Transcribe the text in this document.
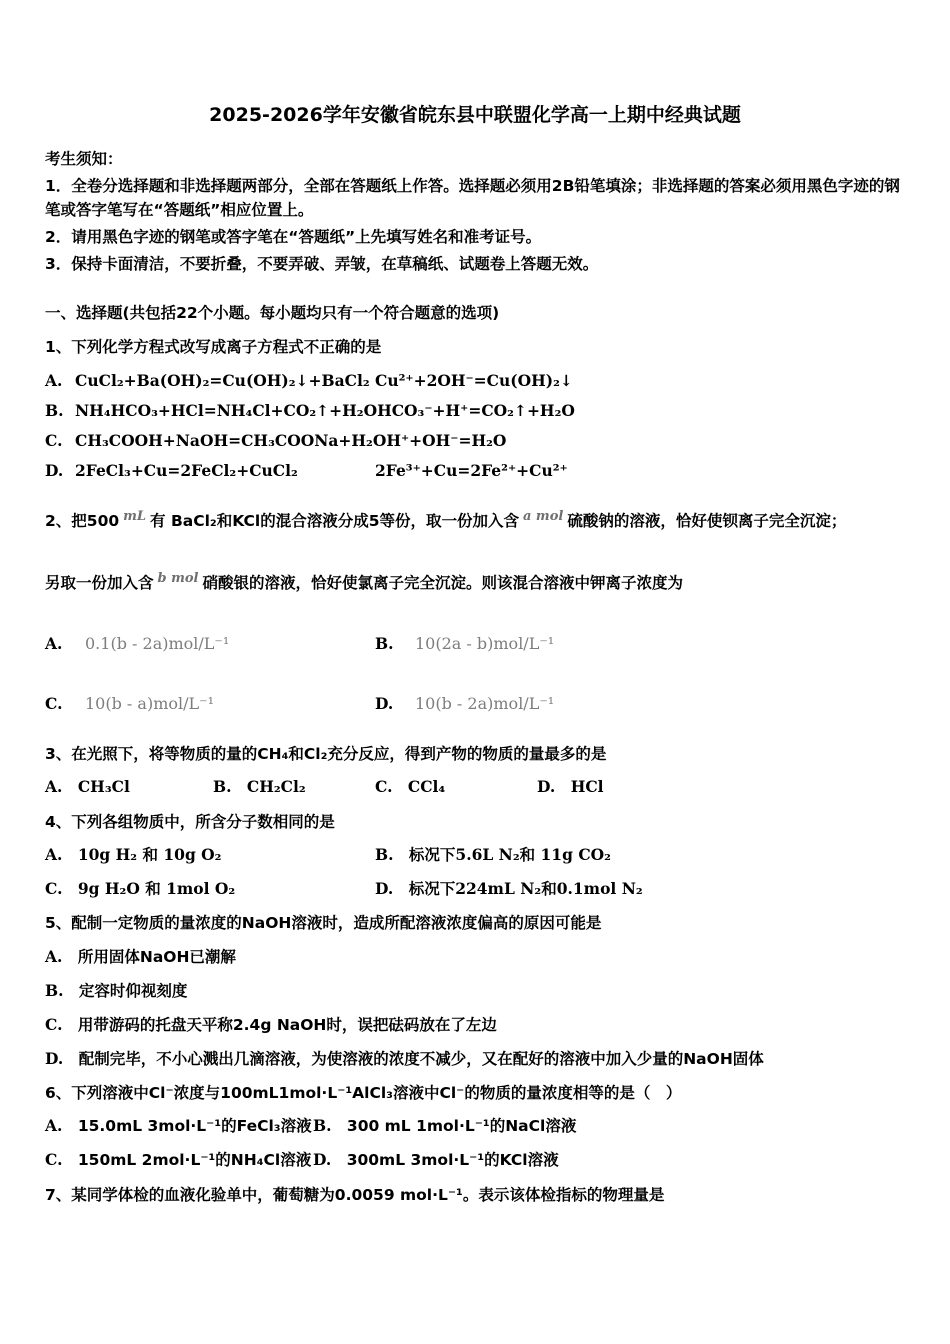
2025-2026学年安徽省皖东县中联盟化学高一上期中经典试题
考生须知：

1．全卷分选择题和非选择题两部分，全部在答题纸上作答。选择题必须用2B铅笔填涂；非选择题的答案必须用黑色字迹的钢笔或答字笔写在“答题纸”相应位置上。

2．请用黑色字迹的钢笔或答字笔在“答题纸”上先填写姓名和准考证号。

3．保持卡面清洁，不要折叠，不要弄破、弄皱，在草稿纸、试题卷上答题无效。

一、选择题(共包括22个小题。每小题均只有一个符合题意的选项)

1、下列化学方程式改写成离子方程式不正确的是

A. CuCl₂+Ba(OH)₂=Cu(OH)₂↓+BaCl₂ Cu²⁺+2OH⁻=Cu(OH)₂↓
B. NH₄HCO₃+HCl=NH₄Cl+CO₂↑+H₂O HCO₃⁻+H⁺=CO₂↑+H₂O
C. CH₃COOH+NaOH=CH₃COONa+H₂O H⁺+OH⁻=H₂O
D. 2FeCl₃+Cu=2FeCl₂+CuCl₂	2Fe³⁺+Cu=2Fe²⁺+Cu²⁺

2、把500 $^{mL}$ 有 BaCl₂和KCl的混合溶液分成5等份，取一份加入含 $^{a mol}$ 硫酸钠的溶液，恰好使钡离子完全沉淀；

另取一份加入含 $^{b mol}$ 硝酸银的溶液，恰好使氯离子完全沉淀。则该混合溶液中钾离子浓度为

A.	0.1(b - 2a)mol/L⁻¹	B.	10(2a - b)mol/L⁻¹
C.	10(b - a)mol/L⁻¹	D.	10(b - 2a)mol/L⁻¹

3、在光照下，将等物质的量的CH₄和Cl₂充分反应，得到产物的物质的量最多的是

A. CH₃Cl	B. CH₂Cl₂	C. CCl₄	D. HCl

4、下列各组物质中，所含分子数相同的是

A. 10g H₂ 和 10g O₂	B. 标况下5.6L N₂和 11g CO₂
C. 9g H₂O 和 1mol O₂	D. 标况下224mL N₂和0.1mol N₂

5、配制一定物质的量浓度的NaOH溶液时，造成所配溶液浓度偏高的原因可能是

A. 所用固体NaOH已潮解
B. 定容时仰视刻度
C. 用带游码的托盘天平称2.4g NaOH时，误把砝码放在了左边
D. 配制完毕，不小心溅出几滴溶液，为使溶液的浓度不减少，又在配好的溶液中加入少量的NaOH固体

6、下列溶液中Cl⁻浓度与100mL1mol·L⁻¹AlCl₃溶液中Cl⁻的物质的量浓度相等的是（　）

A. 15.0mL 3mol·L⁻¹的FeCl₃溶液 B. 300 mL 1mol·L⁻¹的NaCl溶液
C. 150mL 2mol·L⁻¹的NH₄Cl溶液 D. 300mL 3mol·L⁻¹的KCl溶液

7、某同学体检的血液化验单中，葡萄糖为0.0059 mol·L⁻¹。表示该体检指标的物理量是
